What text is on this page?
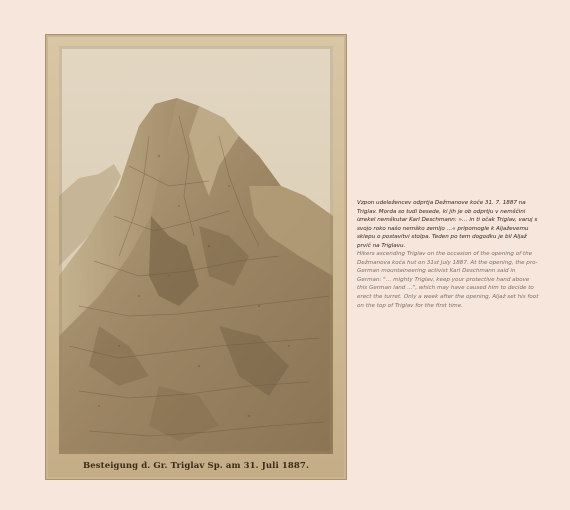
Besteigung d. Gr. Triglav Sp. am 31. Juli 1887.

Vzpon udeležencev odprtja Dežmanove koče 31. 7. 1887 na Triglav. Morda so tudi besede, ki jih je ob odprtju v nemščini izrekel nemškutar Karl Deschmann: »… in ti očak Triglav, varuj s svojo roko našo nemško zemljo …« pripomogle k Aljaževemu sklepu o postavitvi stolpa. Teden po tem dogodku je bil Aljaž prvič na Triglavu.

Hikers ascending Triglav on the occasion of the opening of the Dežmanova koča hut on 31st July 1887. At the opening, the pro-German mountaineering activist Karl Deschmann said in German: "… mighty Triglav, keep your protective hand above this German land …", which may have caused him to decide to erect the turret. Only a week after the opening, Aljaž set his foot on the top of Triglav for the first time.
